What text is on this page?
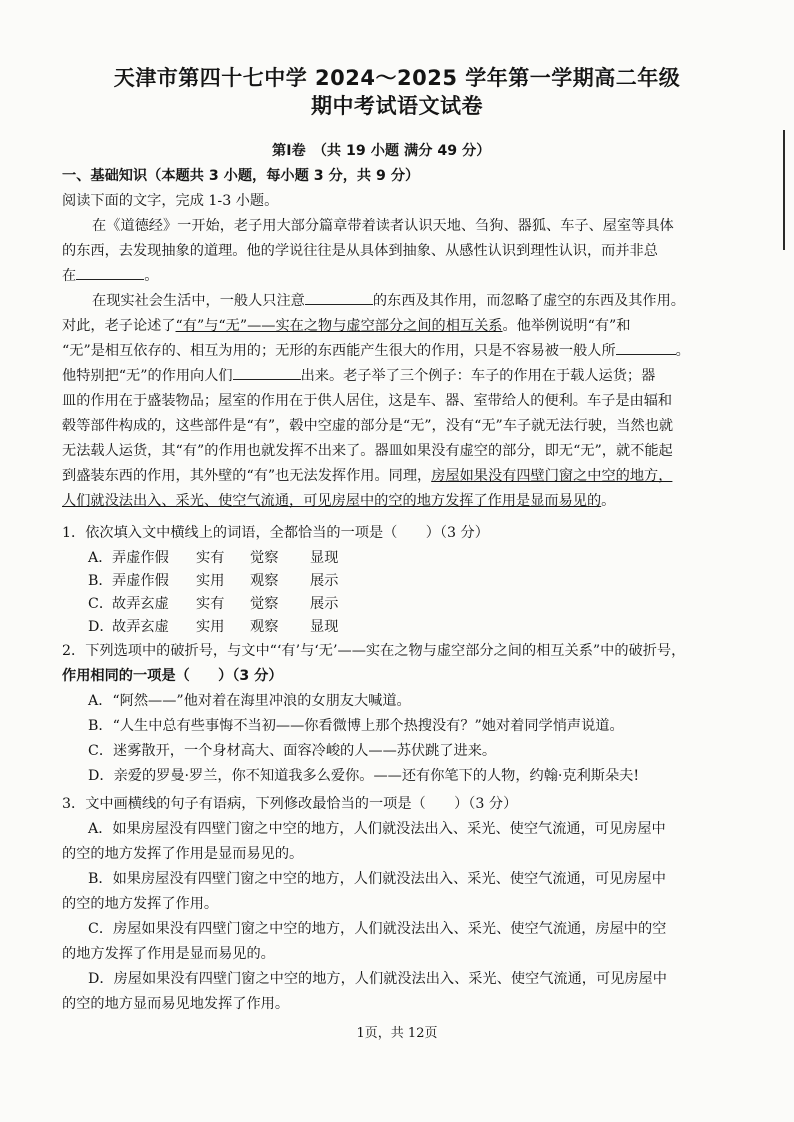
天津市第四十七中学 2024～2025 学年第一学期高二年级
期中考试语文试卷
第Ⅰ卷　（共 19 小题 满分 49 分）
一、基础知识（本题共 3 小题，每小题 3 分，共 9 分）
阅读下面的文字，完成 1-3 小题。
在《道德经》一开始，老子用大部分篇章带着读者认识天地、刍狗、器狐、车子、屋室等具体
的东西，去发现抽象的道理。他的学说往往是从具体到抽象、从感性认识到理性认识，而并非总
在	。
在现实社会生活中，一般人只注意	的东西及其作用，而忽略了虚空的东西及其作用。
对此，老子论述了“有”与“无”——实在之物与虚空部分之间的相互关系。他举例说明“有”和
“无”是相互依存的、相互为用的；无形的东西能产生很大的作用，只是不容易被一般人所	。
他特别把“无”的作用向人们	出来。老子举了三个例子：车子的作用在于载人运货；器
皿的作用在于盛装物品；屋室的作用在于供人居住，这是车、器、室带给人的便利。车子是由辐和
毂等部件构成的，这些部件是“有”，毂中空虚的部分是“无”，没有“无”车子就无法行驶，当然也就
无法载人运货，其“有”的作用也就发挥不出来了。器皿如果没有虚空的部分，即无“无”，就不能起
到盛装东西的作用，其外壁的“有”也无法发挥作用。同理，房屋如果没有四壁门窗之中空的地方，
人们就没法出入、采光、使空气流通，可见房屋中的空的地方发挥了作用是显而易见的。
1．依次填入文中横线上的词语，全都恰当的一项是（　　）（3 分）
A． 弄虚作假 实有 觉察 显现
B． 弄虚作假 实用 观察 展示
C．
故弄玄虚 实有 觉察 展示
D．
故弄玄虚 实用 观察 显现
2．下列选项中的破折号，与文中“‘有’与‘无’——实在之物与虚空部分之间的相互关系”中的破折号，
作用相同的一项是（　　）（3 分）
A．“阿然——”他对着在海里冲浪的女朋友大喊道。
B．“人生中总有些事悔不当初——你看微博上那个热搜没有？”她对着同学悄声说道。
C．迷雾散开，一个身材高大、面容冷峻的人——苏伏跳了进来。
D．亲爱的罗曼·罗兰，你不知道我多么爱你。——还有你笔下的人物，约翰·克利斯朵夫!
3．文中画横线的句子有语病，下列修改最恰当的一项是（　　）（3 分）
A．如果房屋没有四壁门窗之中空的地方，人们就没法出入、采光、使空气流通，可见房屋中
的空的地方发挥了作用是显而易见的。
B．如果房屋没有四壁门窗之中空的地方，人们就没法出入、采光、使空气流通，可见房屋中
的空的地方发挥了作用。
C．房屋如果没有四壁门窗之中空的地方，人们就没法出入、采光、使空气流通，房屋中的空
的地方发挥了作用是显而易见的。
D．房屋如果没有四壁门窗之中空的地方，人们就没法出入、采光、使空气流通，可见房屋中
1页，共 12页
的空的地方显而易见地发挥了作用。
